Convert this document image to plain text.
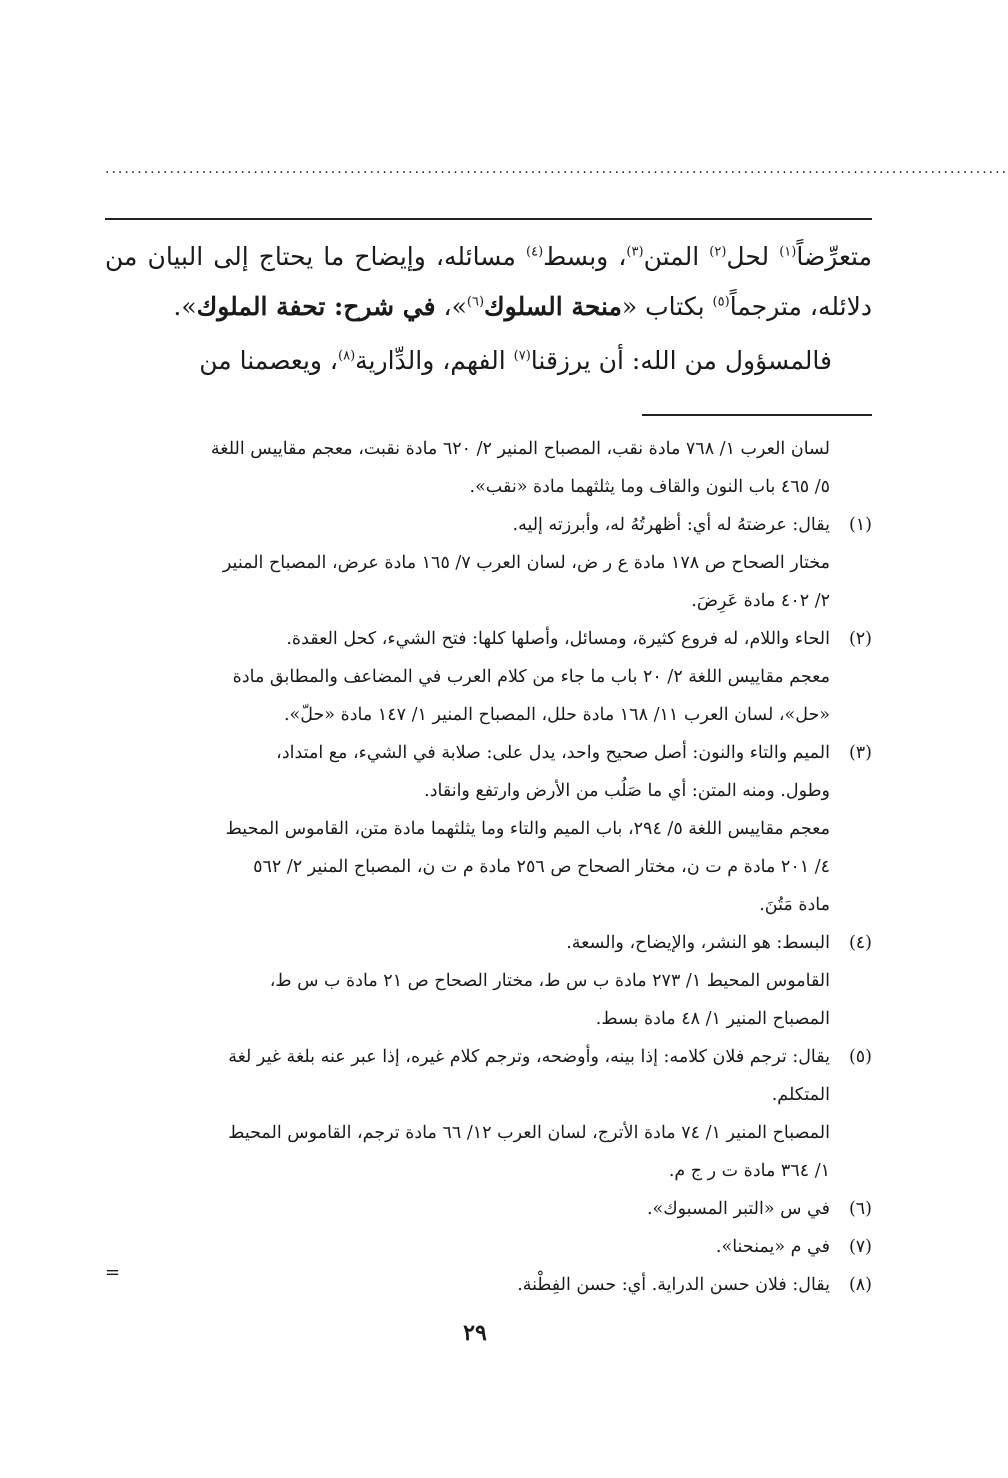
............................................................................................................................................

متعرِّضاً$^{(١)}$ لحل$^{(٢)}$ المتن$^{(٣)}$، وبسط$^{(٤)}$ مسائله، وإيضاح ما يحتاج إلى البيان من دلائله، مترجماً$^{(٥)}$ بكتاب «منحة السلوك$^{(٦)}$»، في شرح: تحفة الملوك».

فالمسؤول من الله: أن يرزقنا$^{(٧)}$ الفهم، والدِّارية$^{(٨)}$، ويعصمنا من

لسان العرب ١/ ٧٦٨ مادة نقب، المصباح المنير ٢/ ٦٢٠ مادة نقبت، معجم مقاييس اللغة
٥/ ٤٦٥ باب النون والقاف وما يثلثهما مادة «نقب».
(١)
يقال: عرضتهُ له أي: أظهرتُهُ له، وأبرزته إليه.
مختار الصحاح ص ١٧٨ مادة ع ر ض، لسان العرب ٧/ ١٦٥ مادة عرض، المصباح المنير
٢/ ٤٠٢ مادة عَرِضَ.
(٢)
الحاء واللام، له فروع كثيرة، ومسائل، وأصلها كلها: فتح الشيء، كحل العقدة.
معجم مقاييس اللغة ٢/ ٢٠ باب ما جاء من كلام العرب في المضاعف والمطابق مادة
«حل»، لسان العرب ١١/ ١٦٨ مادة حلل، المصباح المنير ١/ ١٤٧ مادة «حلّ».
(٣)
الميم والتاء والنون: أصل صحيح واحد، يدل على: صلابة في الشيء، مع امتداد،
وطول. ومنه المتن: أي ما صَلُب من الأرض وارتفع وانقاد.
معجم مقاييس اللغة ٥/ ٢٩٤، باب الميم والتاء وما يثلثهما مادة متن، القاموس المحيط
٤/ ٢٠١ مادة م ت ن، مختار الصحاح ص ٢٥٦ مادة م ت ن، المصباح المنير ٢/ ٥٦٢
مادة مَتُنَ.
(٤)
البسط: هو النشر، والإيضاح، والسعة.
القاموس المحيط ١/ ٢٧٣ مادة ب س ط، مختار الصحاح ص ٢١ مادة ب س ط،
المصباح المنير ١/ ٤٨ مادة بسط.
(٥)
يقال: ترجم فلان كلامه: إذا بينه، وأوضحه، وترجم كلام غيره، إذا عبر عنه بلغة غير لغة
المتكلم.
المصباح المنير ١/ ٧٤ مادة الأترج، لسان العرب ١٢/ ٦٦ مادة ترجم، القاموس المحيط
١/ ٣٦٤ مادة ت ر ج م.
(٦)
في س «التبر المسبوك».
(٧)
في م «يمنحنا».
(٨)
يقال: فلان حسن الدراية. أي: حسن الفِطْنة.
=
٢٩
